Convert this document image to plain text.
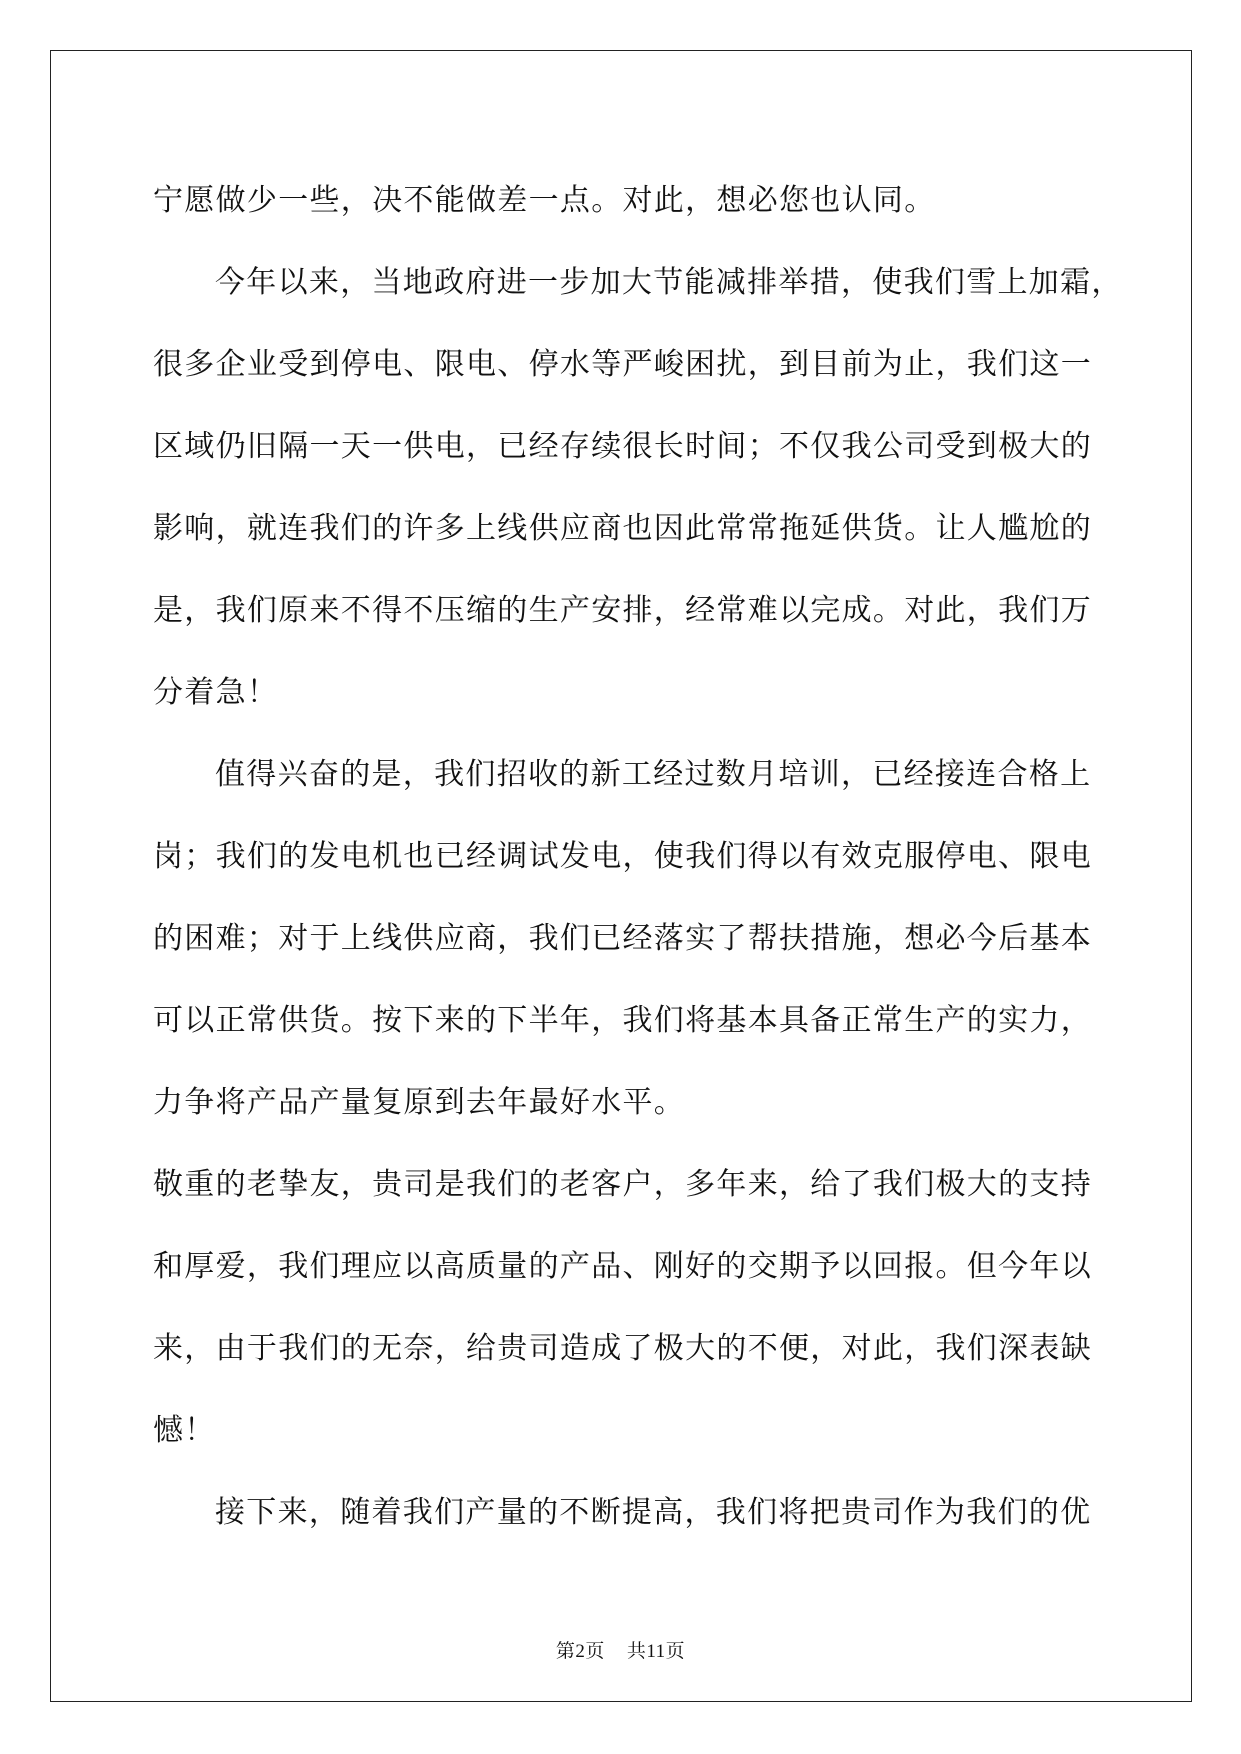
宁愿做少一些，决不能做差一点。对此，想必您也认同。
今年以来，当地政府进一步加大节能减排举措，使我们雪上加霜，
很多企业受到停电、限电、停水等严峻困扰，到目前为止，我们这一
区域仍旧隔一天一供电，已经存续很长时间；不仅我公司受到极大的
影响，就连我们的许多上线供应商也因此常常拖延供货。让人尴尬的
是，我们原来不得不压缩的生产安排，经常难以完成。对此，我们万
分着急！
值得兴奋的是，我们招收的新工经过数月培训，已经接连合格上
岗；我们的发电机也已经调试发电，使我们得以有效克服停电、限电
的困难；对于上线供应商，我们已经落实了帮扶措施，想必今后基本
可以正常供货。按下来的下半年，我们将基本具备正常生产的实力，
力争将产品产量复原到去年最好水平。
敬重的老挚友，贵司是我们的老客户，多年来，给了我们极大的支持
和厚爱，我们理应以高质量的产品、刚好的交期予以回报。但今年以
来，由于我们的无奈，给贵司造成了极大的不便，对此，我们深表缺
憾！
接下来，随着我们产量的不断提高，我们将把贵司作为我们的优
第2页 共11页
